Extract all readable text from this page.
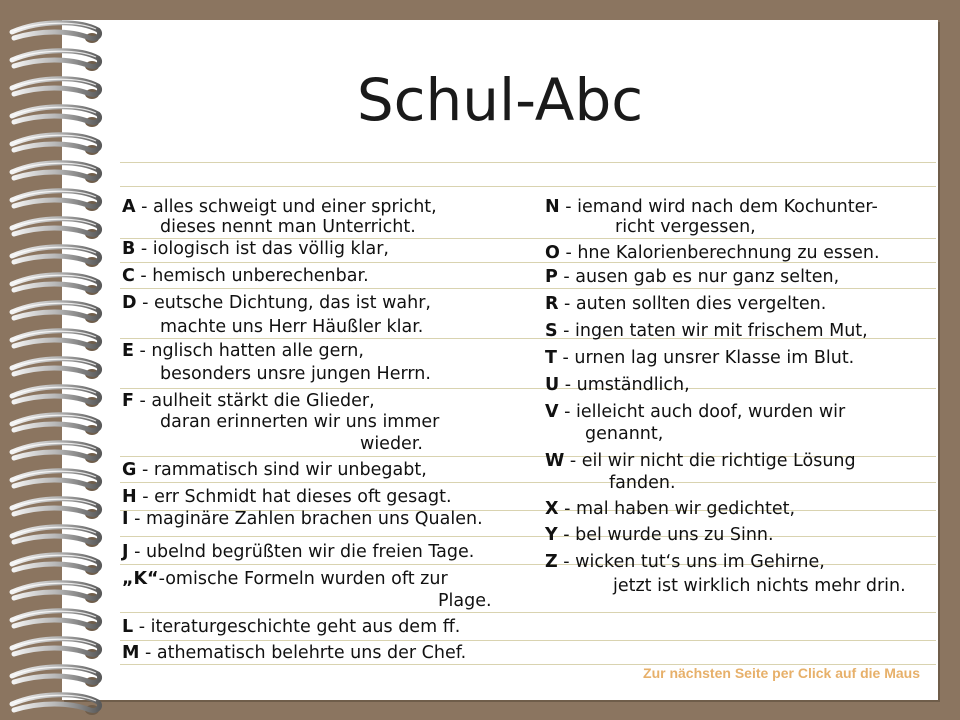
Schul-Abc
A - alles schweigt und einer spricht,
dieses nennt man Unterricht.
B - iologisch ist das völlig klar,
C - hemisch unberechenbar.
D - eutsche Dichtung, das ist wahr,
machte uns Herr Häußler klar.
E - nglisch hatten alle gern,
besonders unsre jungen Herrn.
F - aulheit stärkt die Glieder,
daran erinnerten wir uns immer
wieder.
G - rammatisch sind wir unbegabt,
H - err Schmidt hat dieses oft gesagt.
I - maginäre Zahlen brachen uns Qualen.
J - ubelnd begrüßten wir die freien Tage.
„K“-omische Formeln wurden oft zur
Plage.
L - iteraturgeschichte geht aus dem ff.
M - athematisch belehrte uns der Chef.
N - iemand wird nach dem Kochunter-
richt vergessen,
O - hne Kalorienberechnung zu essen.
P - ausen gab es nur ganz selten,
R - auten sollten dies vergelten.
S - ingen taten wir mit frischem Mut,
T - urnen lag unsrer Klasse im Blut.
U - umständlich,
V - ielleicht auch doof, wurden wir
genannt,
W - eil wir nicht die richtige Lösung
fanden.
X - mal haben wir gedichtet,
Y - bel wurde uns zu Sinn.
Z - wicken tut‘s uns im Gehirne,
jetzt ist wirklich nichts mehr drin.
Zur nächsten Seite per Click auf die Maus
